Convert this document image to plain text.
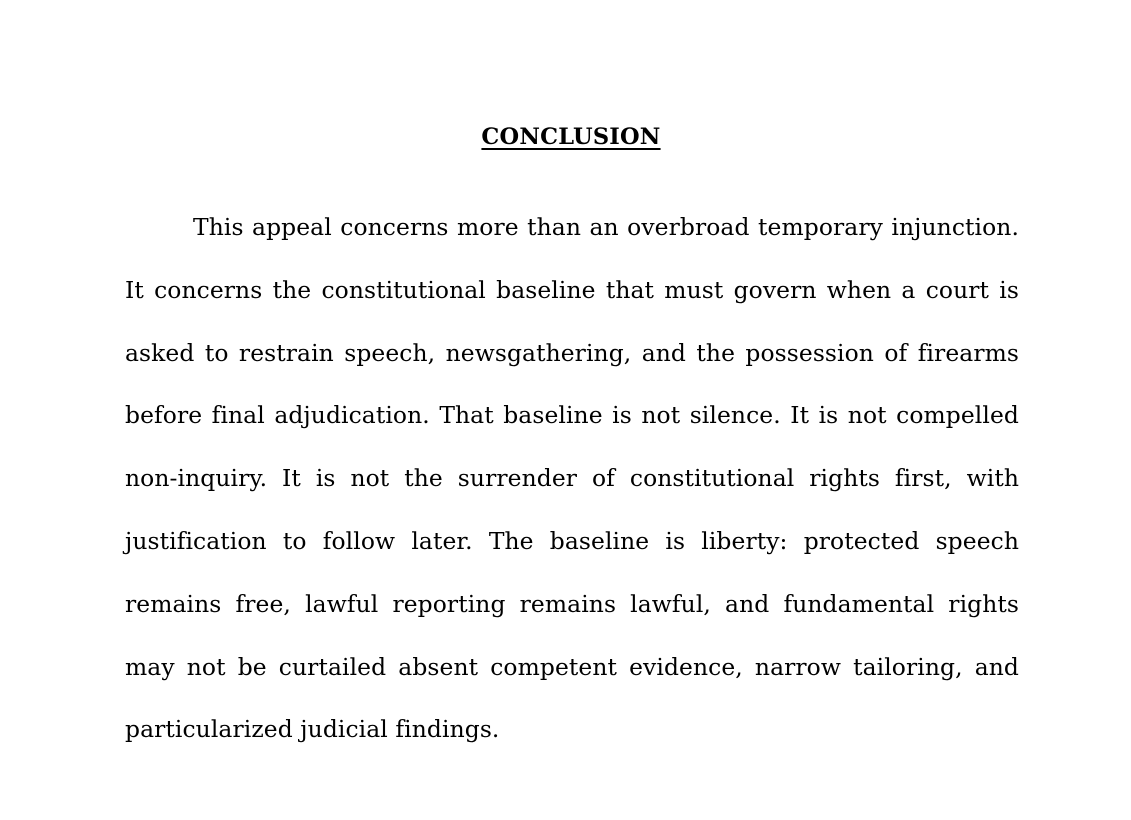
CONCLUSION

This appeal concerns more than an overbroad temporary injunction. It concerns the constitutional baseline that must govern when a court is asked to restrain speech, newsgathering, and the possession of firearms before final adjudication. That baseline is not silence. It is not compelled non-inquiry. It is not the surrender of constitutional rights first, with justification to follow later. The baseline is liberty: protected speech remains free, lawful reporting remains lawful, and fundamental rights may not be curtailed absent competent evidence, narrow tailoring, and particularized judicial findings.
